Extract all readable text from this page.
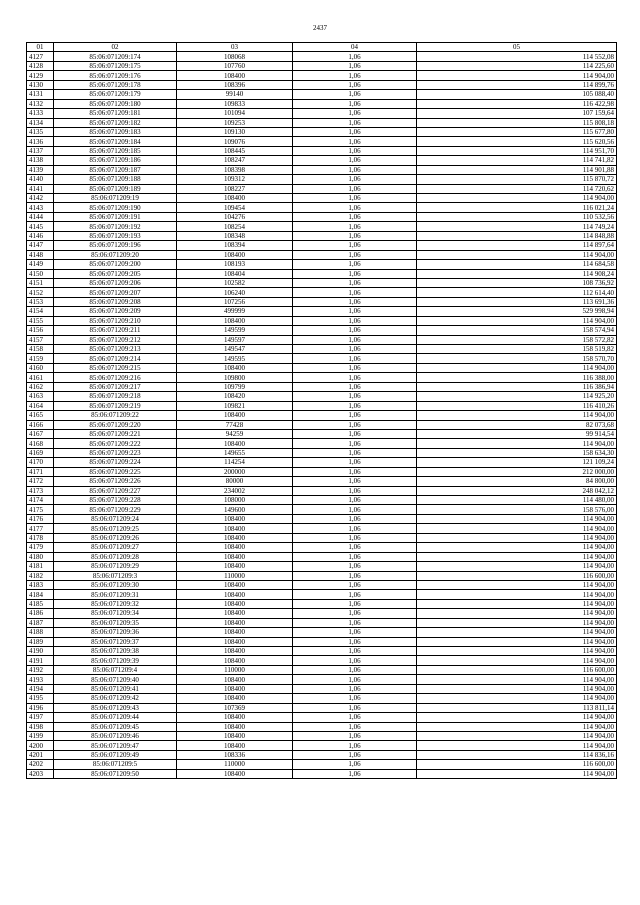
2437
01	02	03	04	05
4127	85:06:071209:174	108068	1,06	114 552,08
4128	85:06:071209:175	107760	1,06	114 225,60
4129	85:06:071209:176	108400	1,06	114 904,00
4130	85:06:071209:178	108396	1,06	114 899,76
4131	85:06:071209:179	99140	1,06	105 088,40
4132	85:06:071209:180	109833	1,06	116 422,98
4133	85:06:071209:181	101094	1,06	107 159,64
4134	85:06:071209:182	109253	1,06	115 808,18
4135	85:06:071209:183	109130	1,06	115 677,80
4136	85:06:071209:184	109076	1,06	115 620,56
4137	85:06:071209:185	108445	1,06	114 951,70
4138	85:06:071209:186	108247	1,06	114 741,82
4139	85:06:071209:187	108398	1,06	114 901,88
4140	85:06:071209:188	109312	1,06	115 870,72
4141	85:06:071209:189	108227	1,06	114 720,62
4142	85:06:071209:19	108400	1,06	114 904,00
4143	85:06:071209:190	109454	1,06	116 021,24
4144	85:06:071209:191	104276	1,06	110 532,56
4145	85:06:071209:192	108254	1,06	114 749,24
4146	85:06:071209:193	108348	1,06	114 848,88
4147	85:06:071209:196	108394	1,06	114 897,64
4148	85:06:071209:20	108400	1,06	114 904,00
4149	85:06:071209:200	108193	1,06	114 684,58
4150	85:06:071209:205	108404	1,06	114 908,24
4151	85:06:071209:206	102582	1,06	108 736,92
4152	85:06:071209:207	106240	1,06	112 614,40
4153	85:06:071209:208	107256	1,06	113 691,36
4154	85:06:071209:209	499999	1,06	529 998,94
4155	85:06:071209:210	108400	1,06	114 904,00
4156	85:06:071209:211	149599	1,06	158 574,94
4157	85:06:071209:212	149597	1,06	158 572,82
4158	85:06:071209:213	149547	1,06	158 519,82
4159	85:06:071209:214	149595	1,06	158 570,70
4160	85:06:071209:215	108400	1,06	114 904,00
4161	85:06:071209:216	109800	1,06	116 388,00
4162	85:06:071209:217	109799	1,06	116 386,94
4163	85:06:071209:218	108420	1,06	114 925,20
4164	85:06:071209:219	109821	1,06	116 410,26
4165	85:06:071209:22	108400	1,06	114 904,00
4166	85:06:071209:220	77428	1,06	82 073,68
4167	85:06:071209:221	94259	1,06	99 914,54
4168	85:06:071209:222	108400	1,06	114 904,00
4169	85:06:071209:223	149655	1,06	158 634,30
4170	85:06:071209:224	114254	1,06	121 109,24
4171	85:06:071209:225	200000	1,06	212 000,00
4172	85:06:071209:226	80000	1,06	84 800,00
4173	85:06:071209:227	234002	1,06	248 042,12
4174	85:06:071209:228	108000	1,06	114 480,00
4175	85:06:071209:229	149600	1,06	158 576,00
4176	85:06:071209:24	108400	1,06	114 904,00
4177	85:06:071209:25	108400	1,06	114 904,00
4178	85:06:071209:26	108400	1,06	114 904,00
4179	85:06:071209:27	108400	1,06	114 904,00
4180	85:06:071209:28	108400	1,06	114 904,00
4181	85:06:071209:29	108400	1,06	114 904,00
4182	85:06:071209:3	110000	1,06	116 600,00
4183	85:06:071209:30	108400	1,06	114 904,00
4184	85:06:071209:31	108400	1,06	114 904,00
4185	85:06:071209:32	108400	1,06	114 904,00
4186	85:06:071209:34	108400	1,06	114 904,00
4187	85:06:071209:35	108400	1,06	114 904,00
4188	85:06:071209:36	108400	1,06	114 904,00
4189	85:06:071209:37	108400	1,06	114 904,00
4190	85:06:071209:38	108400	1,06	114 904,00
4191	85:06:071209:39	108400	1,06	114 904,00
4192	85:06:071209:4	110000	1,06	116 600,00
4193	85:06:071209:40	108400	1,06	114 904,00
4194	85:06:071209:41	108400	1,06	114 904,00
4195	85:06:071209:42	108400	1,06	114 904,00
4196	85:06:071209:43	107369	1,06	113 811,14
4197	85:06:071209:44	108400	1,06	114 904,00
4198	85:06:071209:45	108400	1,06	114 904,00
4199	85:06:071209:46	108400	1,06	114 904,00
4200	85:06:071209:47	108400	1,06	114 904,00
4201	85:06:071209:49	108336	1,06	114 836,16
4202	85:06:071209:5	110000	1,06	116 600,00
4203	85:06:071209:50	108400	1,06	114 904,00
